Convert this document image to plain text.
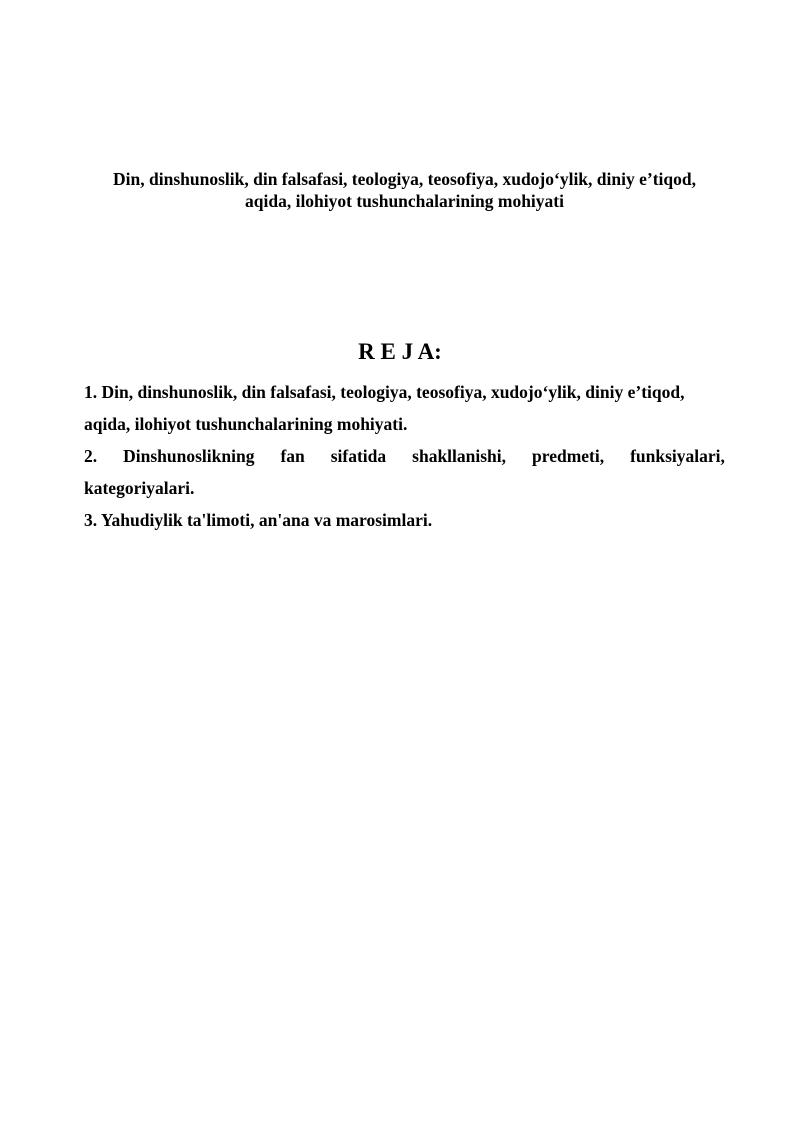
Din, dinshunoslik, din falsafasi, teologiya, teosofiya, xudojo‘ylik, diniy e’tiqod,
aqida, ilohiyot tushunchalarining mohiyati
R E J A:
1. Din, dinshunoslik, din falsafasi, teologiya, teosofiya, xudojo‘ylik, diniy e’tiqod,
aqida, ilohiyot tushunchalarining mohiyati.
2. Dinshunoslikning fan sifatida shakllanishi, predmeti, funksiyalari,
kategoriyalari.
3. Yahudiylik ta'limoti, an'ana va marosimlari.
